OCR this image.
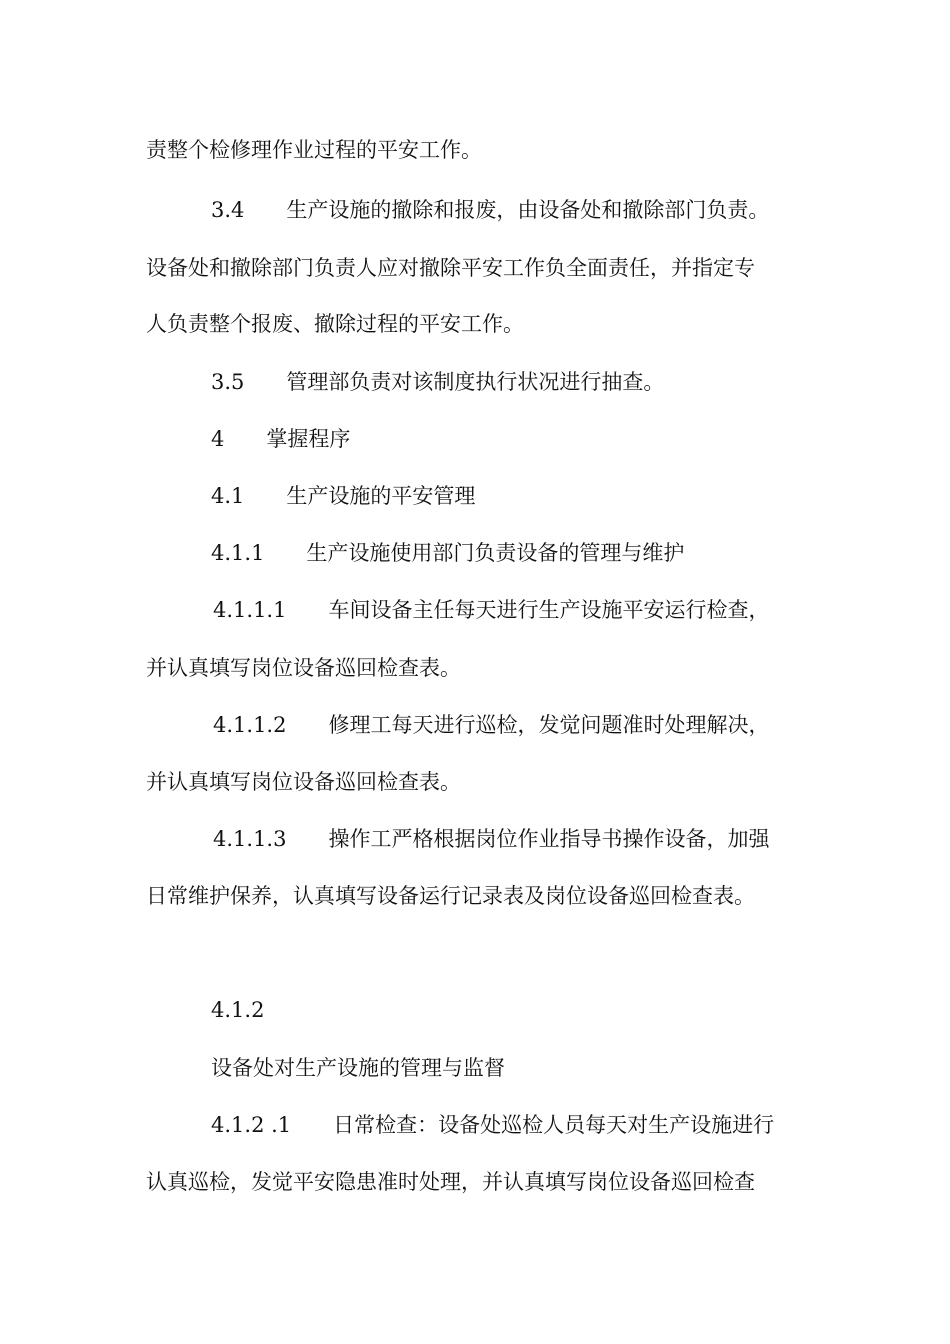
责整个检修理作业过程的平安工作。
3.4　　生产设施的撤除和报废，由设备处和撤除部门负责。
设备处和撤除部门负责人应对撤除平安工作负全面责任，并指定专
人负责整个报废、撤除过程的平安工作。
3.5　　管理部负责对该制度执行状况进行抽查。
4　　掌握程序
4.1　　生产设施的平安管理
4.1.1　　生产设施使用部门负责设备的管理与维护
4.1.1.1　　车间设备主任每天进行生产设施平安运行检查，
并认真填写岗位设备巡回检查表。
4.1.1.2　　修理工每天进行巡检，发觉问题准时处理解决，
并认真填写岗位设备巡回检查表。
4.1.1.3　　操作工严格根据岗位作业指导书操作设备，加强
日常维护保养，认真填写设备运行记录表及岗位设备巡回检查表。
4.1.2
设备处对生产设施的管理与监督
4.1.2 .1　　日常检查：设备处巡检人员每天对生产设施进行
认真巡检，发觉平安隐患准时处理，并认真填写岗位设备巡回检查
